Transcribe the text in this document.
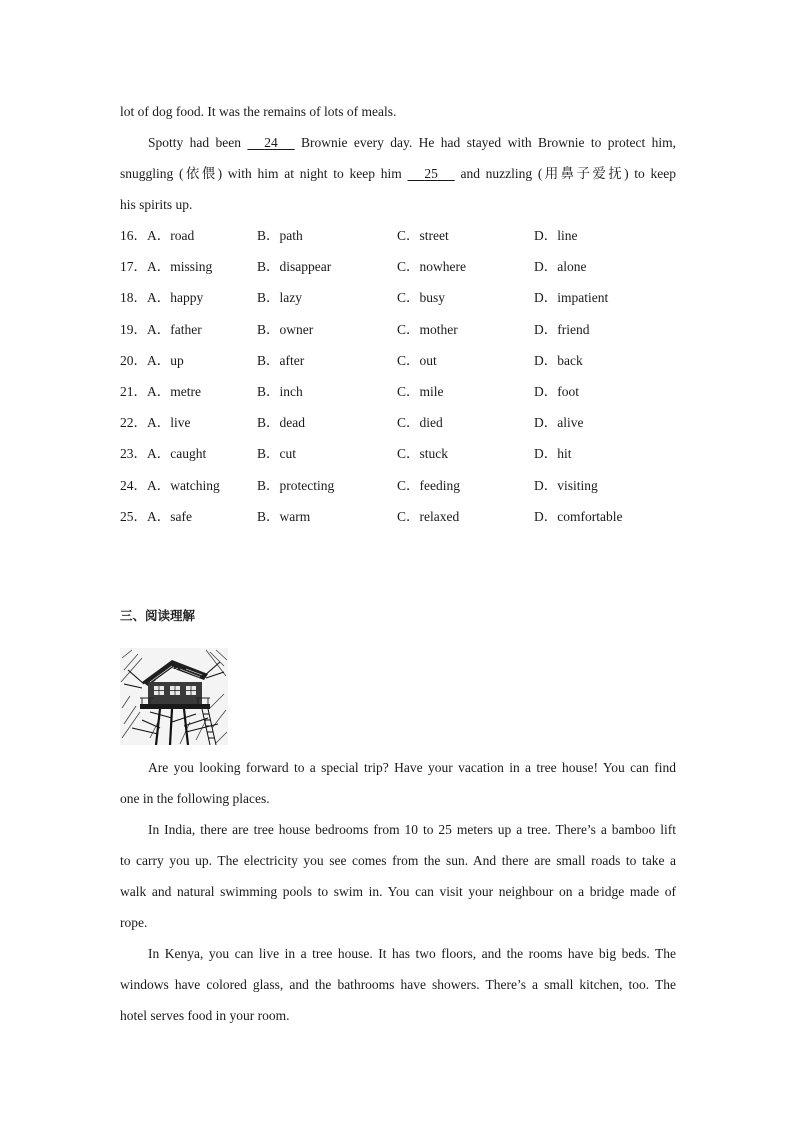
lot of dog food. It was the remains of lots of meals.
Spotty had been      24      Brownie every day. He had stayed with Brownie to protect him,
snuggling (依偎) with him at night to keep him      25      and nuzzling (用鼻子爱抚) to keep
his spirits up.
16． A．road	B．path	C．street	D．line
17． A．missing	B．disappear	C．nowhere	D．alone
18． A．happy	B．lazy	C．busy	D．impatient
19． A．father	B．owner	C．mother	D．friend
20． A．up	B．after	C．out	D．back
21． A．metre	B．inch	C．mile	D．foot
22． A．live	B．dead	C．died	D．alive
23． A．caught	B．cut	C．stuck	D．hit
24． A．watching	B．protecting	C．feeding	D．visiting
25． A．safe	B．warm	C．relaxed	D．comfortable
三、阅读理解
Are you looking forward to a special trip? Have your vacation in a tree house! You can find
one in the following places.
In India, there are tree house bedrooms from 10 to 25 meters up a tree. There’s a bamboo lift
to carry you up. The electricity you see comes from the sun. And there are small roads to take a
walk and natural swimming pools to swim in. You can visit your neighbour on a bridge made of
rope.
In Kenya, you can live in a tree house. It has two floors, and the rooms have big beds. The
windows have colored glass, and the bathrooms have showers. There’s a small kitchen, too. The
hotel serves food in your room.
